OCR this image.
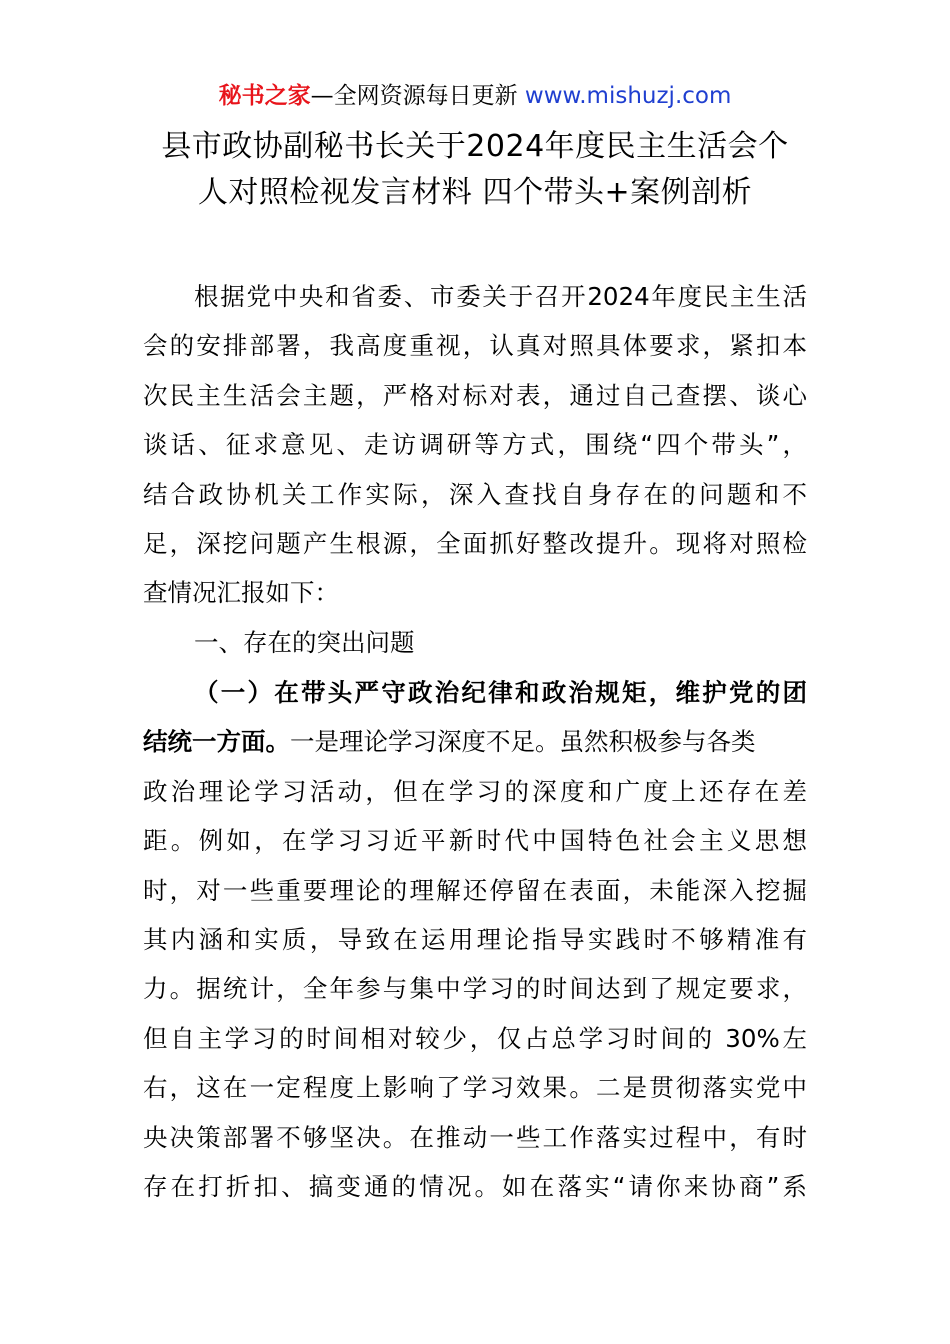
秘书之家—全网资源每日更新 www.mishuzj.com
县市政协副秘书长关于2024年度民主生活会个
人对照检视发言材料 四个带头+案例剖析
根据党中央和省委、市委关于召开2024年度民主生活
会的安排部署，我高度重视，认真对照具体要求，紧扣本
次民主生活会主题，严格对标对表，通过自己查摆、谈心
谈话、征求意见、走访调研等方式，围绕“四个带头”，
结合政协机关工作实际，深入查找自身存在的问题和不
足，深挖问题产生根源，全面抓好整改提升。现将对照检
查情况汇报如下：
一、存在的突出问题
（一）在带头严守政治纪律和政治规矩，维护党的团
结统一方面。一是理论学习深度不足。虽然积极参与各类
政治理论学习活动，但在学习的深度和广度上还存在差
距。例如，在学习习近平新时代中国特色社会主义思想
时，对一些重要理论的理解还停留在表面，未能深入挖掘
其内涵和实质，导致在运用理论指导实践时不够精准有
力。据统计，全年参与集中学习的时间达到了规定要求，
但自主学习的时间相对较少，仅占总学习时间的 30%左
右，这在一定程度上影响了学习效果。二是贯彻落实党中
央决策部署不够坚决。在推动一些工作落实过程中，有时
存在打折扣、搞变通的情况。如在落实“请你来协商”系
